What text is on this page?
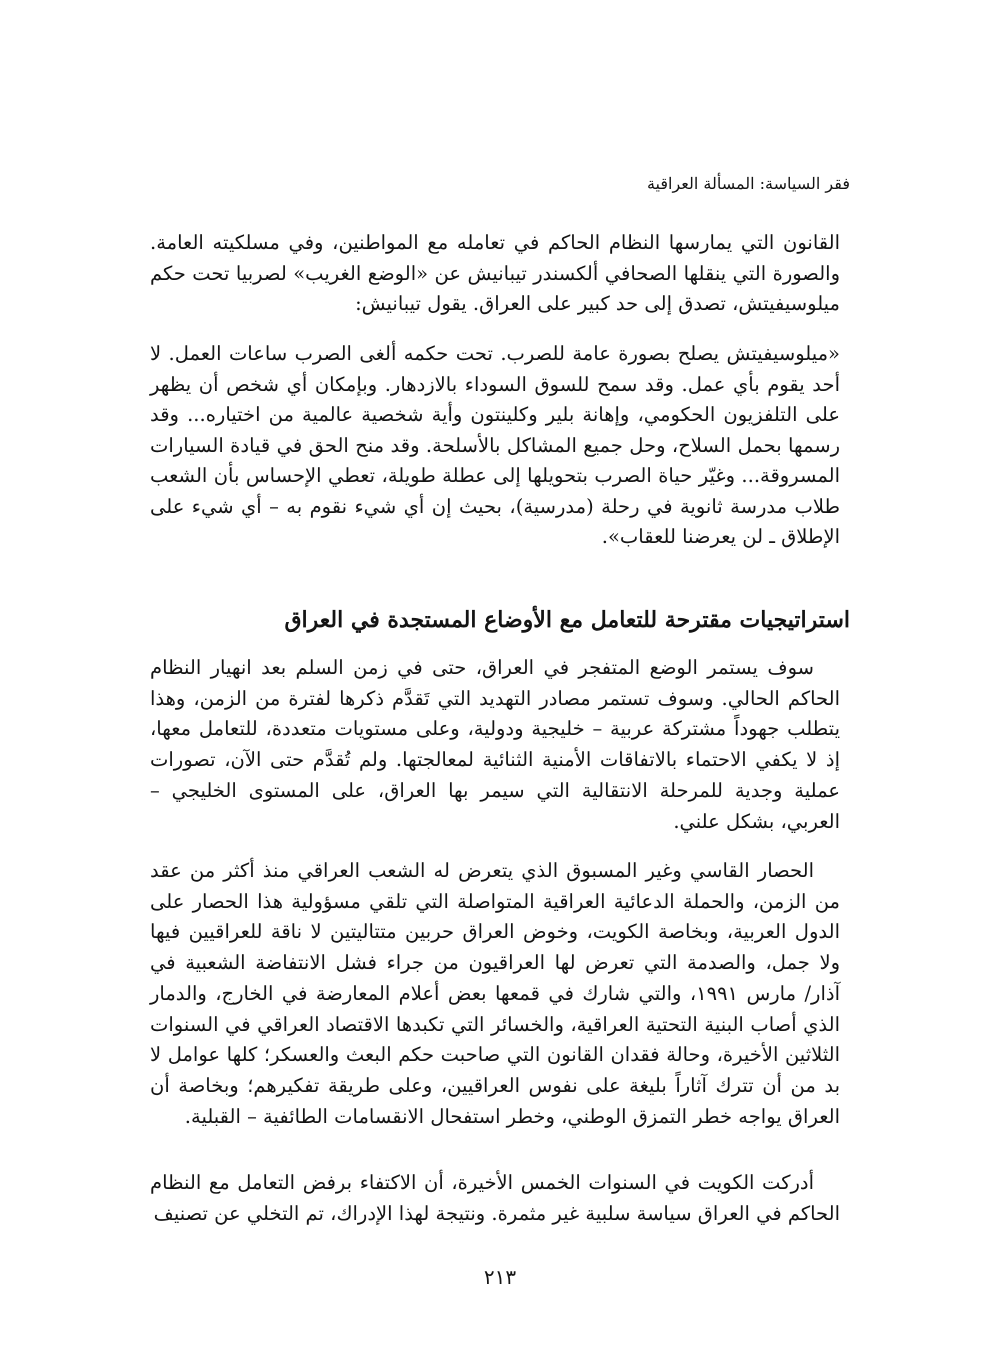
فقر السياسة: المسألة العراقية

القانون التي يمارسها النظام الحاكم في تعامله مع المواطنين، وفي مسلكيته العامة. والصورة التي ينقلها الصحافي ألكسندر تيبانيش عن «الوضع الغريب» لصربيا تحت حكم ميلوسيفيتش، تصدق إلى حد كبير على العراق. يقول تيبانيش:

«ميلوسيفيتش يصلح بصورة عامة للصرب. تحت حكمه ألغى الصرب ساعات العمل. لا أحد يقوم بأي عمل. وقد سمح للسوق السوداء بالازدهار. وبإمكان أي شخص أن يظهر على التلفزيون الحكومي، وإهانة بلير وكلينتون وأية شخصية عالمية من اختياره... وقد رسمها بحمل السلاح، وحل جميع المشاكل بالأسلحة. وقد منح الحق في قيادة السيارات المسروقة... وغيّر حياة الصرب بتحويلها إلى عطلة طويلة، تعطي الإحساس بأن الشعب طلاب مدرسة ثانوية في رحلة (مدرسية)، بحيث إن أي شيء نقوم به – أي شيء على الإطلاق ـ لن يعرضنا للعقاب».

استراتيجيات مقترحة للتعامل مع الأوضاع المستجدة في العراق

سوف يستمر الوضع المتفجر في العراق، حتى في زمن السلم بعد انهيار النظام الحاكم الحالي. وسوف تستمر مصادر التهديد التي تَقدَّم ذكرها لفترة من الزمن، وهذا يتطلب جهوداً مشتركة عربية – خليجية ودولية، وعلى مستويات متعددة، للتعامل معها، إذ لا يكفي الاحتماء بالاتفاقات الأمنية الثنائية لمعالجتها. ولم تُقدَّم حتى الآن، تصورات عملية وجدية للمرحلة الانتقالية التي سيمر بها العراق، على المستوى الخليجي – العربي، بشكل علني.

الحصار القاسي وغير المسبوق الذي يتعرض له الشعب العراقي منذ أكثر من عقد من الزمن، والحملة الدعائية العراقية المتواصلة التي تلقي مسؤولية هذا الحصار على الدول العربية، وبخاصة الكويت، وخوض العراق حربين متتاليتين لا ناقة للعراقيين فيها ولا جمل، والصدمة التي تعرض لها العراقيون من جراء فشل الانتفاضة الشعبية في آذار/ مارس ١٩٩١، والتي شارك في قمعها بعض أعلام المعارضة في الخارج، والدمار الذي أصاب البنية التحتية العراقية، والخسائر التي تكبدها الاقتصاد العراقي في السنوات الثلاثين الأخيرة، وحالة فقدان القانون التي صاحبت حكم البعث والعسكر؛ كلها عوامل لا بد من أن تترك آثاراً بليغة على نفوس العراقيين، وعلى طريقة تفكيرهم؛ وبخاصة أن العراق يواجه خطر التمزق الوطني، وخطر استفحال الانقسامات الطائفية – القبلية.

أدركت الكويت في السنوات الخمس الأخيرة، أن الاكتفاء برفض التعامل مع النظام الحاكم في العراق سياسة سلبية غير مثمرة. ونتيجة لهذا الإدراك، تم التخلي عن تصنيف

٢١٣
